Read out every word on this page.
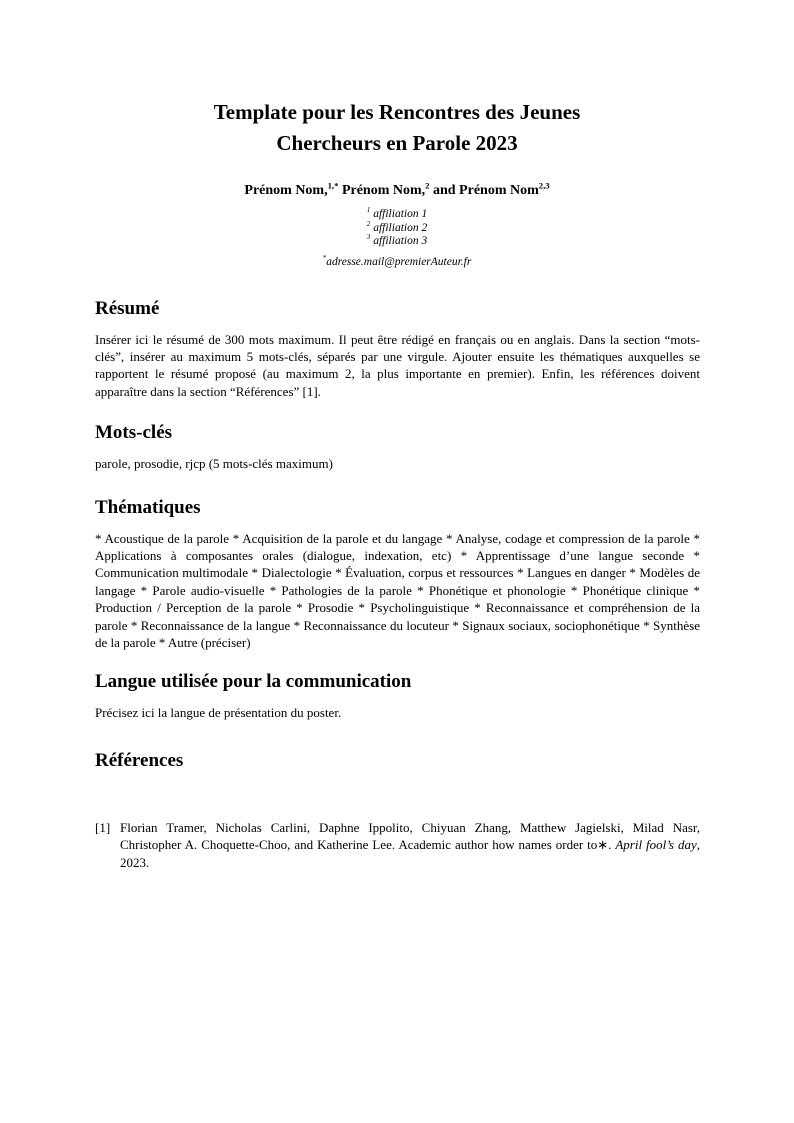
Template pour les Rencontres des Jeunes
Chercheurs en Parole 2023
Prénom Nom,$^{1,*}$ Prénom Nom,$^2$ and Prénom Nom$^{2,3}$
$^1$ affiliation 1
$^2$ affiliation 2
$^3$ affiliation 3
*adresse.mail@premierAuteur.fr
Résumé

Insérer ici le résumé de 300 mots maximum. Il peut être rédigé en français ou en anglais. Dans la section “mots-clés”, insérer au maximum 5 mots-clés, séparés par une virgule. Ajouter ensuite les thématiques auxquelles se rapportent le résumé proposé (au maximum 2, la plus importante en premier). Enfin, les références doivent apparaître dans la section “Références” [1].

Mots-clés

parole, prosodie, rjcp (5 mots-clés maximum)

Thématiques

* Acoustique de la parole * Acquisition de la parole et du langage * Analyse, codage et compression de la parole * Applications à composantes orales (dialogue, indexation, etc) * Apprentissage d’une langue seconde * Communication multimodale * Dialectologie * Évaluation, corpus et ressources * Langues en danger * Modèles de langage * Parole audio-visuelle * Pathologies de la parole * Phonétique et phonologie * Phonétique clinique * Production / Perception de la parole * Prosodie * Psycholinguistique * Reconnaissance et compréhension de la parole * Reconnaissance de la langue * Reconnaissance du locuteur * Signaux sociaux, sociophonétique * Synthèse de la parole * Autre (préciser)

Langue utilisée pour la communication

Précisez ici la langue de présentation du poster.

Références
[1] Florian Tramer, Nicholas Carlini, Daphne Ippolito, Chiyuan Zhang, Matthew Jagielski, Milad Nasr, Christopher A. Choquette-Choo, and Katherine Lee. Academic author how names order to∗. April fool’s day, 2023.
